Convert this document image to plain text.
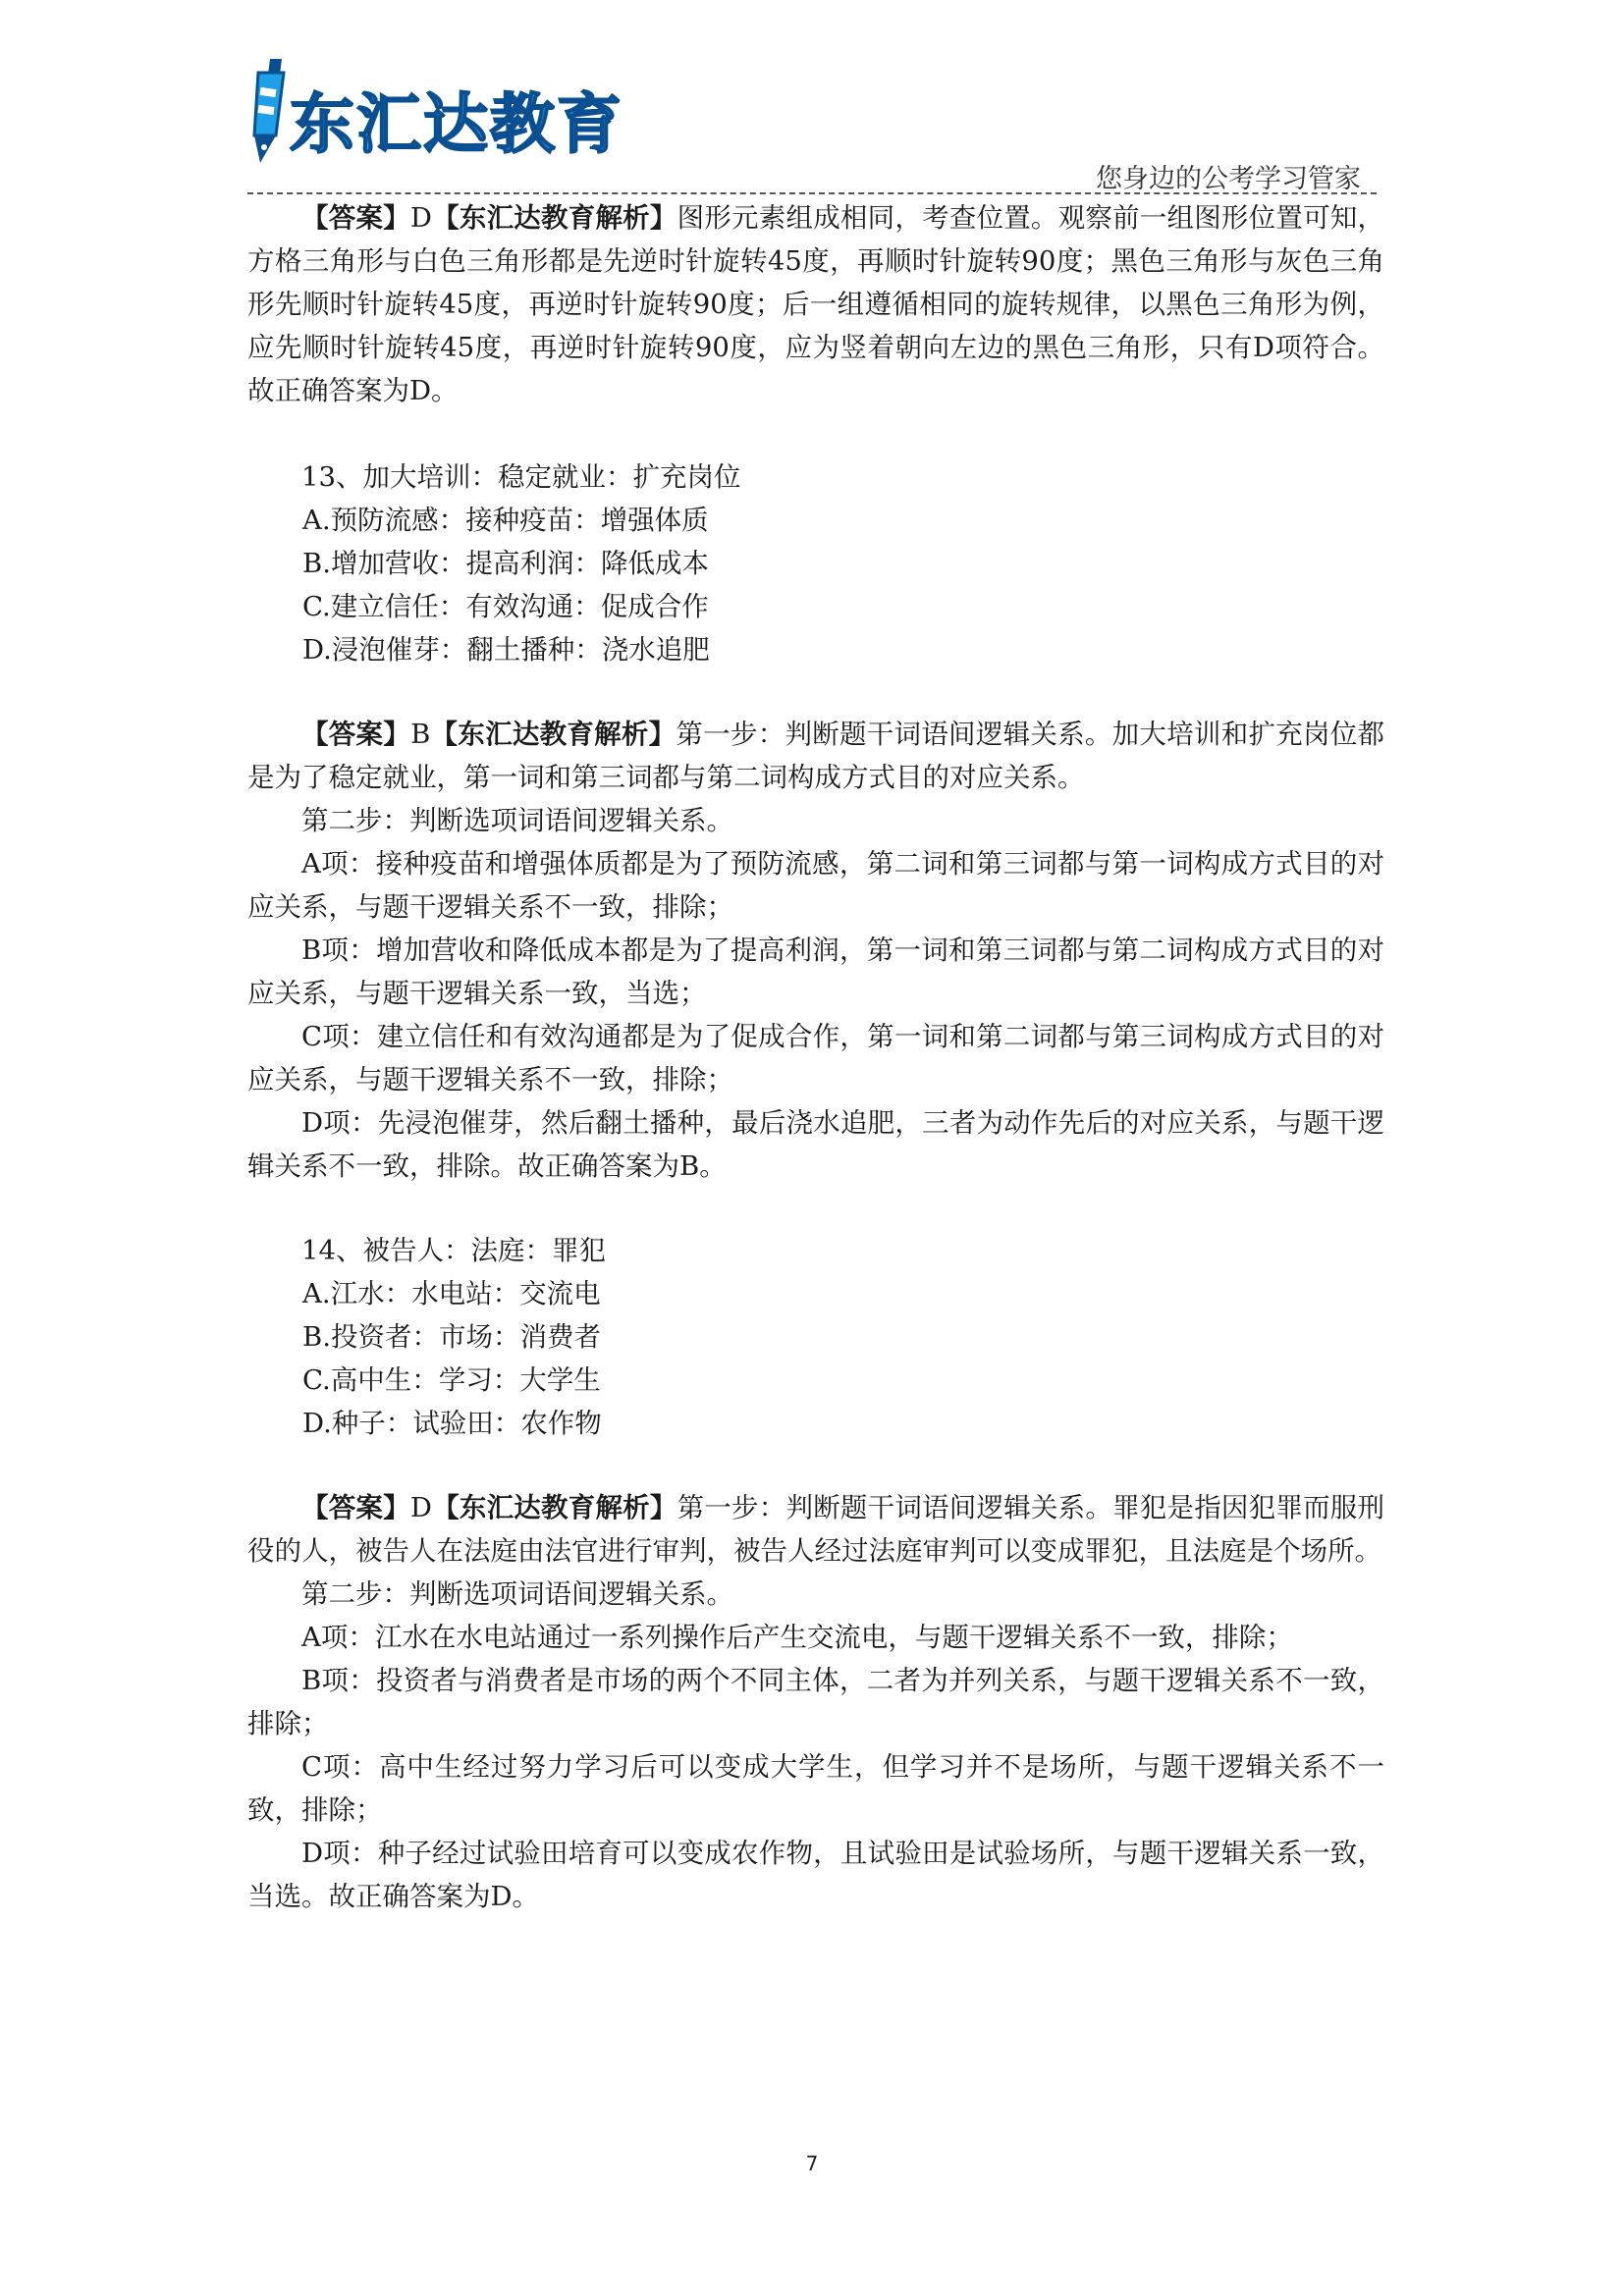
东汇达教育
您身边的公考学习管家

【答案】D【东汇达教育解析】图形元素组成相同，考查位置。观察前一组图形位置可知，方格三角形与白色三角形都是先逆时针旋转45度，再顺时针旋转90度；黑色三角形与灰色三角形先顺时针旋转45度，再逆时针旋转90度；后一组遵循相同的旋转规律，以黑色三角形为例，应先顺时针旋转45度，再逆时针旋转90度，应为竖着朝向左边的黑色三角形，只有D项符合。故正确答案为D。

13、加大培训：稳定就业：扩充岗位

A.预防流感：接种疫苗：增强体质

B.增加营收：提高利润：降低成本

C.建立信任：有效沟通：促成合作

D.浸泡催芽：翻土播种：浇水追肥

【答案】B【东汇达教育解析】第一步：判断题干词语间逻辑关系。加大培训和扩充岗位都是为了稳定就业，第一词和第三词都与第二词构成方式目的对应关系。

第二步：判断选项词语间逻辑关系。

A项：接种疫苗和增强体质都是为了预防流感，第二词和第三词都与第一词构成方式目的对应关系，与题干逻辑关系不一致，排除；

B项：增加营收和降低成本都是为了提高利润，第一词和第三词都与第二词构成方式目的对应关系，与题干逻辑关系一致，当选；

C项：建立信任和有效沟通都是为了促成合作，第一词和第二词都与第三词构成方式目的对应关系，与题干逻辑关系不一致，排除；

D项：先浸泡催芽，然后翻土播种，最后浇水追肥，三者为动作先后的对应关系，与题干逻辑关系不一致，排除。故正确答案为B。

14、被告人：法庭：罪犯

A.江水：水电站：交流电

B.投资者：市场：消费者

C.高中生：学习：大学生

D.种子：试验田：农作物

【答案】D【东汇达教育解析】第一步：判断题干词语间逻辑关系。罪犯是指因犯罪而服刑役的人，被告人在法庭由法官进行审判，被告人经过法庭审判可以变成罪犯，且法庭是个场所。

第二步：判断选项词语间逻辑关系。

A项：江水在水电站通过一系列操作后产生交流电，与题干逻辑关系不一致，排除；

B项：投资者与消费者是市场的两个不同主体，二者为并列关系，与题干逻辑关系不一致，排除；

C项：高中生经过努力学习后可以变成大学生，但学习并不是场所，与题干逻辑关系不一致，排除；

D项：种子经过试验田培育可以变成农作物，且试验田是试验场所，与题干逻辑关系一致，当选。故正确答案为D。

7
